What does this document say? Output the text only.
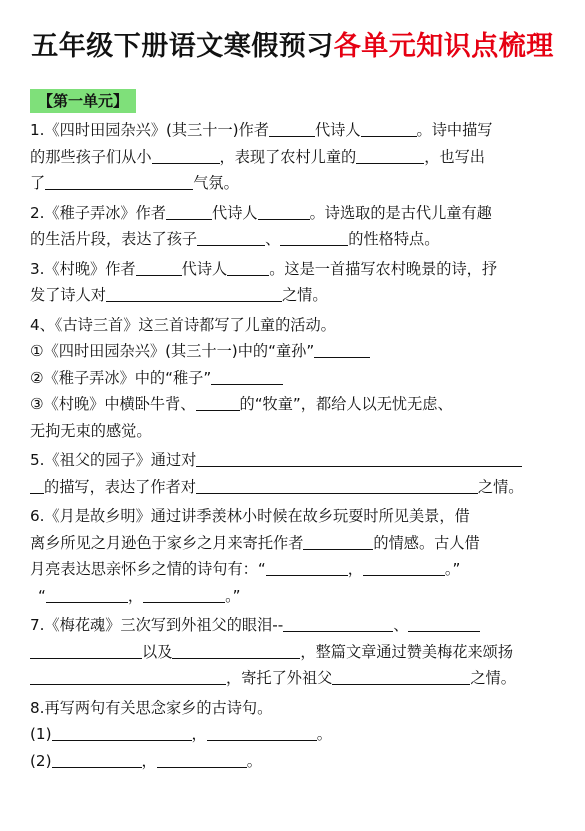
五年级下册语文寒假预习各单元知识点梳理
【第一单元】
1.《四时田园杂兴》(其三十一)作者	代诗人	。诗中描写
的那些孩子们从小	，表现了农村儿童的	，也写出
了	气氛。
2.《稚子弄冰》作者	代诗人	。诗选取的是古代儿童有趣
的生活片段，表达了孩子	、	的性格特点。
3.《村晚》作者	代诗人	。这是一首描写农村晚景的诗，抒
发了诗人对	之情。
4、《古诗三首》这三首诗都写了儿童的活动。
①《四时田园杂兴》(其三十一)中的“童孙”
②《稚子弄冰》中的“稚子”
③《村晚》中横卧牛背、	的“牧童”，都给人以无忧无虑、
无拘无束的感觉。
5.《祖父的园子》通过对
的描写，表达了作者对	之情。
6.《月是故乡明》通过讲季羡林小时候在故乡玩耍时所见美景，借
离乡所见之月逊色于家乡之月来寄托作者	的情感。古人借
月亮表达思亲怀乡之情的诗句有：“	，	。”
“	，	。”
7.《梅花魂》三次写到外祖父的眼泪--	、
以及	，整篇文章通过赞美梅花来颂扬
，寄托了外祖父	之情。
8.再写两句有关思念家乡的古诗句。
(1)	，	。
(2)	，	。
